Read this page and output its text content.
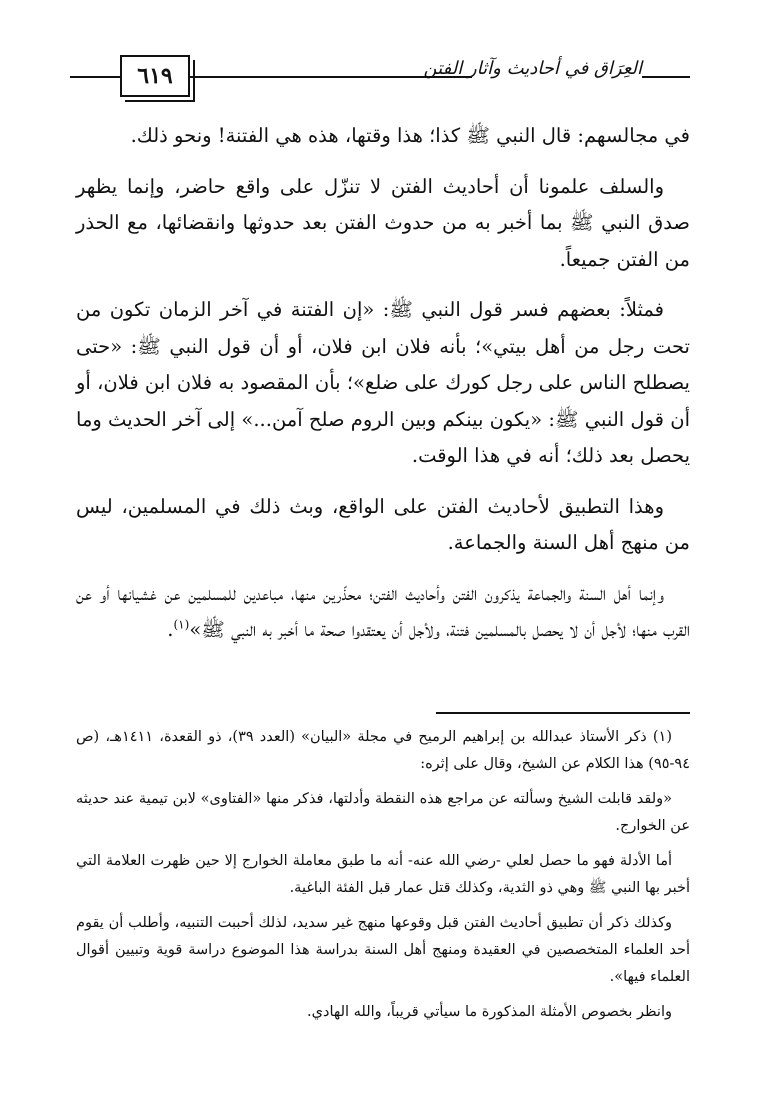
٦١٩	العِرَاق في أحاديث وآثار الفتن

في مجالسهم: قال النبي ﷺ كذا؛ هذا وقتها، هذه هي الفتنة! ونحو ذلك.

والسلف علمونا أن أحاديث الفتن لا تنزّل على واقع حاضر، وإنما يظهر صدق النبي ﷺ بما أخبر به من حدوث الفتن بعد حدوثها وانقضائها، مع الحذر من الفتن جميعاً.

فمثلاً: بعضهم فسر قول النبي ﷺ: «إن الفتنة في آخر الزمان تكون من تحت رجل من أهل بيتي»؛ بأنه فلان ابن فلان، أو أن قول النبي ﷺ: «حتى يصطلح الناس على رجل كورك على ضلع»؛ بأن المقصود به فلان ابن فلان، أو أن قول النبي ﷺ: «يكون بينكم وبين الروم صلح آمن...» إلى آخر الحديث وما يحصل بعد ذلك؛ أنه في هذا الوقت.

وهذا التطبيق لأحاديث الفتن على الواقع، وبث ذلك في المسلمين، ليس من منهج أهل السنة والجماعة.

وإنما أهل السنة والجماعة يذكرون الفتن وأحاديث الفتن؛ محذّرين منها، مباعدين للمسلمين عن غشيانها أو عن القرب منها؛ لأجل أن لا يحصل بالمسلمين فتنة، ولأجل أن يعتقدوا صحة ما أخبر به النبي ﷺ»$^{(١)}$.

(١) ذكر الأستاذ عبدالله بن إبراهيم الرميح في مجلة «البيان» (العدد ٣٩)، ذو القعدة، ١٤١١هـ، (ص ٩٤-٩٥) هذا الكلام عن الشيخ، وقال على إثره:

«ولقد قابلت الشيخ وسألته عن مراجع هذه النقطة وأدلتها، فذكر منها «الفتاوى» لابن تيمية عند حديثه عن الخوارج.

أما الأدلة فهو ما حصل لعلي -رضي الله عنه- أنه ما طبق معاملة الخوارج إلا حين ظهرت العلامة التي أخبر بها النبي ﷺ وهي ذو الثدية، وكذلك قتل عمار قبل الفئة الباغية.

وكذلك ذكر أن تطبيق أحاديث الفتن قبل وقوعها منهج غير سديد، لذلك أحببت التنبيه، وأطلب أن يقوم أحد العلماء المتخصصين في العقيدة ومنهج أهل السنة بدراسة هذا الموضوع دراسة قوية وتبيين أقوال العلماء فيها».

وانظر بخصوص الأمثلة المذكورة ما سيأتي قريباً، والله الهادي.
